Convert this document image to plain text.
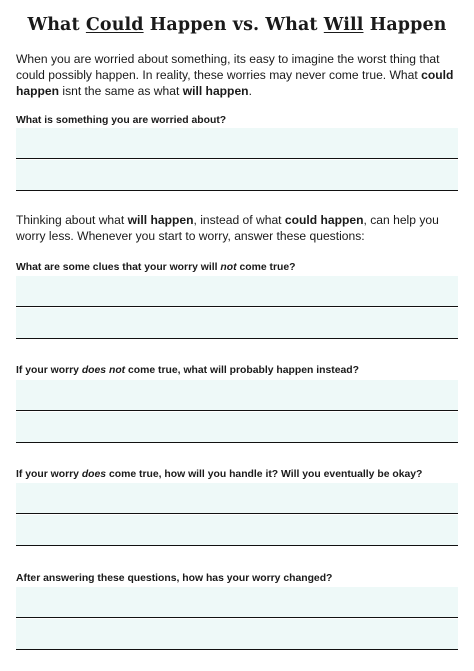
What Could Happen vs. What Will Happen

When you are worried about something, its easy to imagine the worst thing that could possibly happen. In reality, these worries may never come true. What could happen isnt the same as what will happen.

What is something you are worried about?

Thinking about what will happen, instead of what could happen, can help you worry less. Whenever you start to worry, answer these questions:

What are some clues that your worry will not come true?

If your worry does not come true, what will probably happen instead?

If your worry does come true, how will you handle it? Will you eventually be okay?

After answering these questions, how has your worry changed?
